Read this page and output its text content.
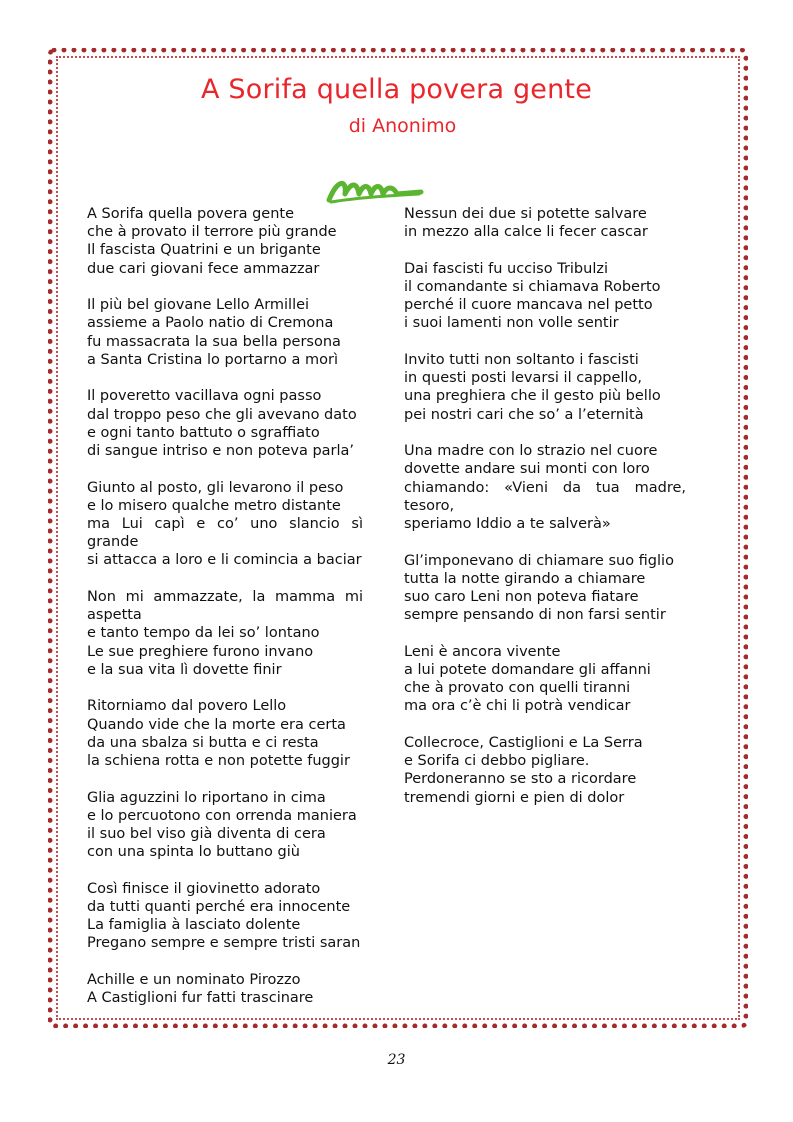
A Sorifa quella povera gente
di Anonimo
A Sorifa quella povera gente
che à provato il terrore più grande
Il fascista Quatrini e un brigante
due cari giovani fece ammazzar
Il più bel giovane Lello Armillei
assieme a Paolo natio di Cremona
fu massacrata la sua bella persona
a Santa Cristina lo portarno a morì
Il poveretto vacillava ogni passo
dal troppo peso che gli avevano dato
e ogni tanto battuto o sgraffiato
di sangue intriso e non poteva parla’
Giunto al posto, gli levarono il peso
e lo misero qualche metro distante
ma Lui capì e co’ uno slancio sì grande
si attacca a loro e li comincia a baciar
Non mi ammazzate, la mamma mi aspetta
e tanto tempo da lei so’ lontano
Le sue preghiere furono invano
e la sua vita lì dovette finir
Ritorniamo dal povero Lello
Quando vide che la morte era certa
da una sbalza si butta e ci resta
la schiena rotta e non potette fuggir
Glia aguzzini lo riportano in cima
e lo percuotono con orrenda maniera
il suo bel viso già diventa di cera
con una spinta lo buttano giù
Così finisce il giovinetto adorato
da tutti quanti perché era innocente
La famiglia à lasciato dolente
Pregano sempre e sempre tristi saran
Achille e un nominato Pirozzo
A Castiglioni fur fatti trascinare
Nessun dei due si potette salvare
in mezzo alla calce li fecer cascar
Dai fascisti fu ucciso Tribulzi
il comandante si chiamava Roberto
perché il cuore mancava nel petto
i suoi lamenti non volle sentir
Invito tutti non soltanto i fascisti
in questi posti levarsi il cappello,
una preghiera che il gesto più bello
pei nostri cari che so’ a l’eternità
Una madre con lo strazio nel cuore
dovette andare sui monti con loro
chiamando: «Vieni da tua madre, tesoro,
speriamo Iddio a te salverà»
Gl’imponevano di chiamare suo figlio
tutta la notte girando a chiamare
suo caro Leni non poteva fiatare
sempre pensando di non farsi sentir
Leni è ancora vivente
a lui potete domandare gli affanni
che à provato con quelli tiranni
ma ora c’è chi li potrà vendicar
Collecroce, Castiglioni e La Serra
e Sorifa ci debbo pigliare.
Perdoneranno se sto a ricordare
tremendi giorni e pien di dolor
23
